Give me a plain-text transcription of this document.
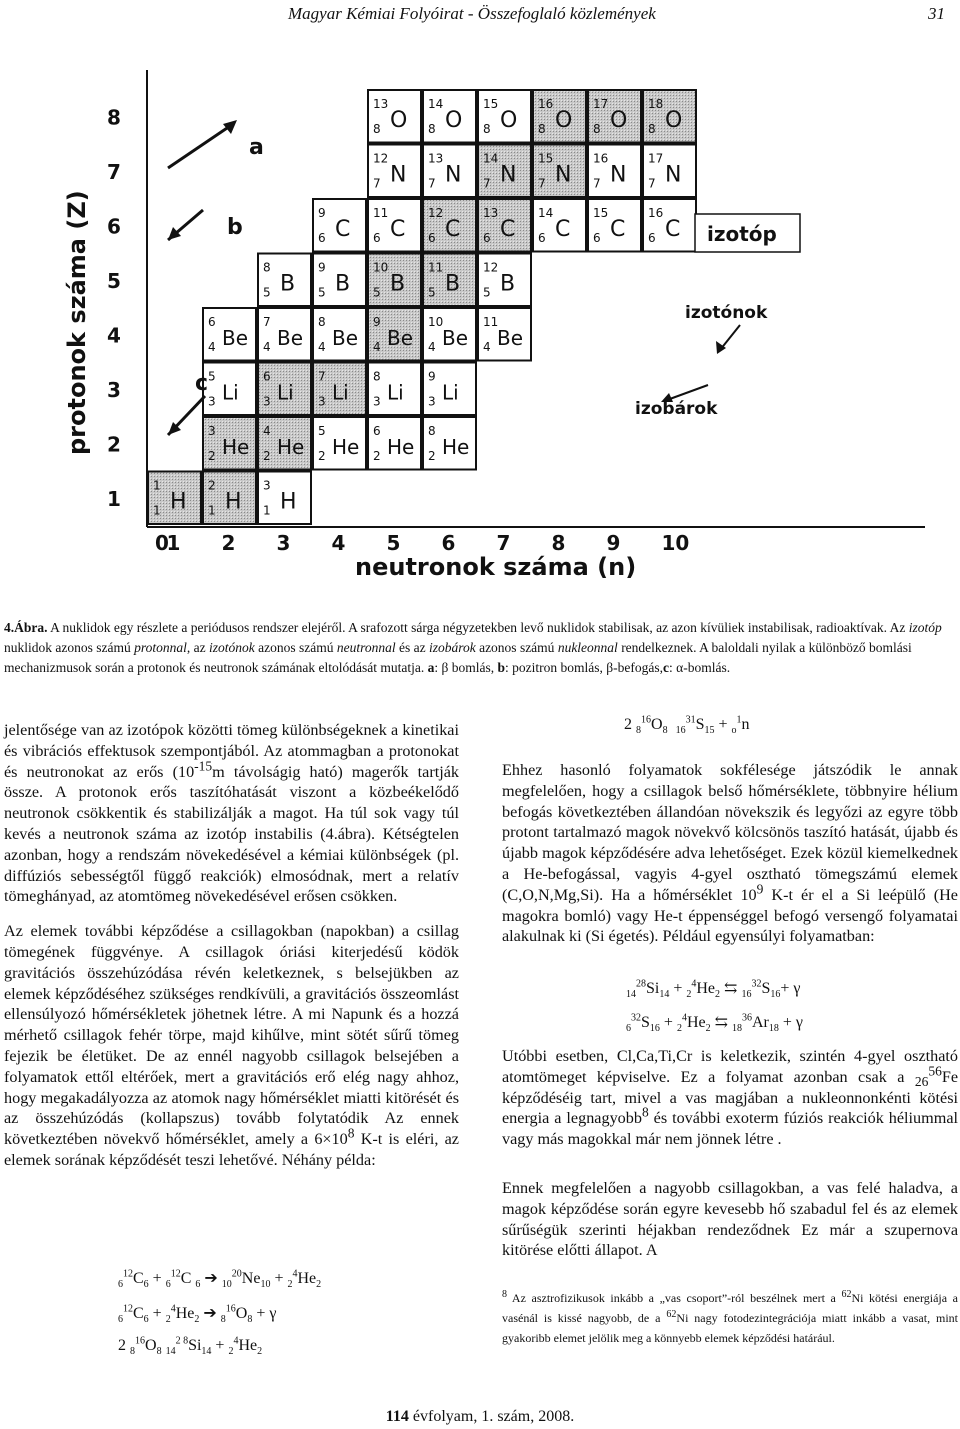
Magyar Kémiai Folyóirat - Összefoglaló közlemények	31
1
1 H
2
1 H
3
1 H
3
2 He
4
2 He
5
2 He
6
2 He
8
2 He
5
3 Li
6
3 Li
7
3 Li
8
3 Li
9
3 Li
6
4 Be
7
4 Be
8
4 Be
9
4 Be
10
4 Be
11
4 Be
8
5 B
9
5 B
10
5 B
11
5 B
12
5 B
9
6 C
11
6 C
12
6 C
13
6 C
14
6 C
15
6 C
16
6 C
12
7 N
13
7 N
14
7 N
15
7 N
16
7 N
17
7 N
13
8 O
14
8 O
15
8 O
16
8 O
17
8 O
18
8 O
0
1 2 3 4 5 6 7 8 9 10
1
2
3
4
5
6
7
8
protonok száma (Z)
neutronok száma (n)
a
b
c
izotóp
izotónok
izobárok
4.Ábra. A nuklidok egy részlete a periódusos rendszer elejéről. A srafozott sárga négyzetekben levő nuklidok stabilisak, az azon kívüliek instabilisak, radioaktívak. Az izotóp nuklidok azonos számú protonnal, az izotónok azonos számú neutronnal és az izobárok azonos számú nukleonnal rendelkeznek. A baloldali nyilak a különböző bomlási mechanizmusok során a protonok és neutronok számának eltolódását mutatja. a: β bomlás, b: pozitron bomlás, β-befogás,c: α-bomlás.

jelentősége van az izotópok közötti tömeg különbségeknek a kinetikai és vibrációs effektusok szempontjából. Az atommagban a protonokat és neutronokat az erős ($10^{-15}m$ távolságig ható) magerők tartják össze. A protonok erős taszítóhatását viszont a közbeékelődő neutronok csökkentik és stabilizálják a magot. Ha túl sok vagy túl kevés a neutronok száma az izotóp instabilis (4.ábra). Kétségtelen azonban, hogy a rendszám növekedésével a kémiai különbségek (pl. diffúziós sebességtől függő reakciók) elmosódnak, mert a relatív tömeghányad, az atomtömeg növekedésével erősen csökken.

Az elemek további képződése a csillagokban (napokban) a csillag tömegének függvénye. A csillagok óriási kiterjedésű ködök gravitációs összehúzódása révén keletkeznek, s belsejükben az elemek képződéséhez szükséges rendkívüli, a gravitációs összeomlást ellensúlyozó hőmérsékletek jöhetnek létre. A mi Napunk és a hozzá mérhető csillagok fehér törpe, majd kihűlve, mint sötét sűrű tömeg fejezik be életüket. De az ennél nagyobb csillagok belsejében a folyamatok ettől eltérőek, mert a gravitációs erő elég nagy ahhoz, hogy megakadályozza az atomok nagy hőmérséklet miatti kitörését és az összehúzódás (kollapszus) tovább folytatódik Az ennek következtében növekvő hőmérséklet, amely a $6\times 10^8$ K-t is eléri, az elemek sorának képződését teszi lehetővé. Néhány példa:

$_6^{12}C_6 + _6^{12}C$ $_6$ ➔ $_{10}^{20}Ne_{10} + _2^4He_2$
$_6^{12}C_6 + _2^4He_2$ ➔ $_8^{16}O_8 + \gamma$
2 $_8^{16}O_8$ $_{14}^{2 8}Si_{14} + _2^4He_2$
2 $_8^{16}O_8$ $_{16}^{31}S_{15} + _o^1n$

Ehhez hasonló folyamatok sokfélesége játszódik le annak megfelelően, hogy a csillagok belső hőmérséklete, többnyire hélium befogás következtében állandóan növekszik és legyőzi az egyre több protont tartalmazó magok növekvő kölcsönös taszító hatását, újabb és újabb magok képződésére adva lehetőséget. Ezek közül kiemelkednek a He-befogással, vagyis 4-gyel osztható tömegszámú elemek (C,O,N,Mg,Si). Ha a hőmérséklet $10^9$ K-t ér el a Si leépülő (He magokra bomló) vagy He-t éppenséggel befogó versengő folyamatai alakulnak ki (Si égetés). Például egyensúlyi folyamatban:

$_{14}^{28}Si_{14} + _2^4He_2$ ⇆ $_{16}^{32}S_{16}+ \gamma$
$_6^{32}S_{16} + _2^4He_2$ ⇆ $_{18}^{36}Ar_{18} + \gamma$

Utóbbi esetben, Cl,Ca,Ti,Cr is keletkezik, szintén 4-gyel osztható atomtömeget képviselve. Ez a folyamat azonban csak a $_{26}^{56}$Fe képződéséig tart, mivel a vas magjában a nukleonnonkénti kötési energia a legnagyobb$^8$ és további exoterm fúziós reakciók héliummal vagy más magokkal már nem jönnek létre .

Ennek megfelelően a nagyobb csillagokban, a vas felé haladva, a magok képződése során egyre kevesebb hő szabadul fel és az elemek sűrűségük szerinti héjakban rendeződnek Ez már a szupernova kitörése előtti állapot. A

$^8$ Az asztrofizikusok inkább a „vas csoport”-ról beszélnek mert a $^{62}$Ni kötési energiája a vasénál is kissé nagyobb, de a $^{62}$Ni nagy fotodezintegrációja miatt inkább a vasat, mint gyakoribb elemet jelölik meg a könnyebb elemek képződési határául.
114 évfolyam, 1. szám, 2008.
